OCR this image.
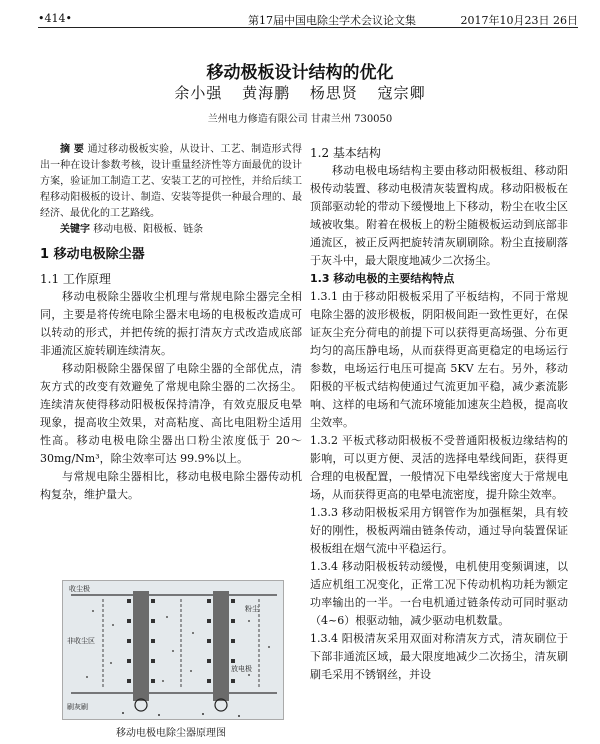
•414•	第17届中国电除尘学术会议论文集	2017年10月23日 26日
移动极板设计结构的优化
余小强 黄海鹏 杨思贤 寇宗卿
兰州电力修造有限公司 甘肃兰州 730050
摘 要 通过移动极板实验，从设计、工艺、制造形式得出一种在设计参数考核，设计重量经济性等方面最优的设计方案，验证加工制造工艺、安装工艺的可控性，并给后续工程移动阳极板的设计、制造、安装等提供一种最合理的、最经济、最优化的工艺路线。
关键字 移动电极、阳极板、链条
1 移动电极除尘器
1.1 工作原理
移动电极除尘器收尘机理与常规电除尘器完全相同，主要是将传统电除尘器末电场的电极板改造成可以转动的形式，并把传统的振打清灰方式改造成底部非通流区旋转刷连续清灰。
移动阳极除尘器保留了电除尘器的全部优点，清灰方式的改变有效避免了常规电除尘器的二次扬尘。连续清灰使得移动阳极板保持清净，有效克服反电晕现象，提高收尘效果，对高粘度、高比电阻粉尘适用性高。移动电极电除尘器出口粉尘浓度低于 20～30mg/Nm³，除尘效率可达 99.9%以上。
与常规电除尘器相比，移动电极电除尘器传动机构复杂，维护量大。
收尘极
粉尘
放电极
非收尘区
刷灰刷
移动电极电除尘器原理图
1.2 基本结构
移动电极电场结构主要由移动阳极板组、移动阳极传动装置、移动电极清灰装置构成。移动阳极板在顶部驱动轮的带动下缓慢地上下移动，粉尘在收尘区域被收集。附着在极板上的粉尘随极板运动到底部非通流区，被正反两把旋转清灰刷刷除。粉尘直接刷落于灰斗中，最大限度地减少二次扬尘。
1.3 移动电极的主要结构特点
1.3.1 由于移动阳极板采用了平板结构，不同于常规电除尘器的波形极板，阴阳极间距一致性更好，在保证灰尘充分荷电的前提下可以获得更高场强、分布更均匀的高压静电场，从而获得更高更稳定的电场运行参数，电场运行电压可提高 5KV 左右。另外，移动阳极的平板式结构使通过气流更加平稳，减少紊流影响、这样的电场和气流环境能加速灰尘趋极，提高收尘效率。
1.3.2 平板式移动阳极板不受普通阳极板边缘结构的影响，可以更方便、灵活的选择电晕线间距，获得更合理的电极配置，一般情况下电晕线密度大于常规电场，从而获得更高的电晕电流密度，提升除尘效率。
1.3.3 移动阳极板采用方钢管作为加强框架，具有较好的刚性，极板两端由链条传动，通过导向装置保证极板组在烟气流中平稳运行。
1.3.4 移动阳极板转动缓慢，电机使用变频调速，以适应机组工况变化，正常工况下传动机构功耗为额定功率输出的一半。一台电机通过链条传动可同时驱动（4~6）根驱动轴，减少驱动电机数量。
1.3.4 阳极清灰采用双面对称清灰方式，清灰刷位于下部非通流区域，最大限度地减少二次扬尘，清灰刷刷毛采用不锈钢丝，并设
